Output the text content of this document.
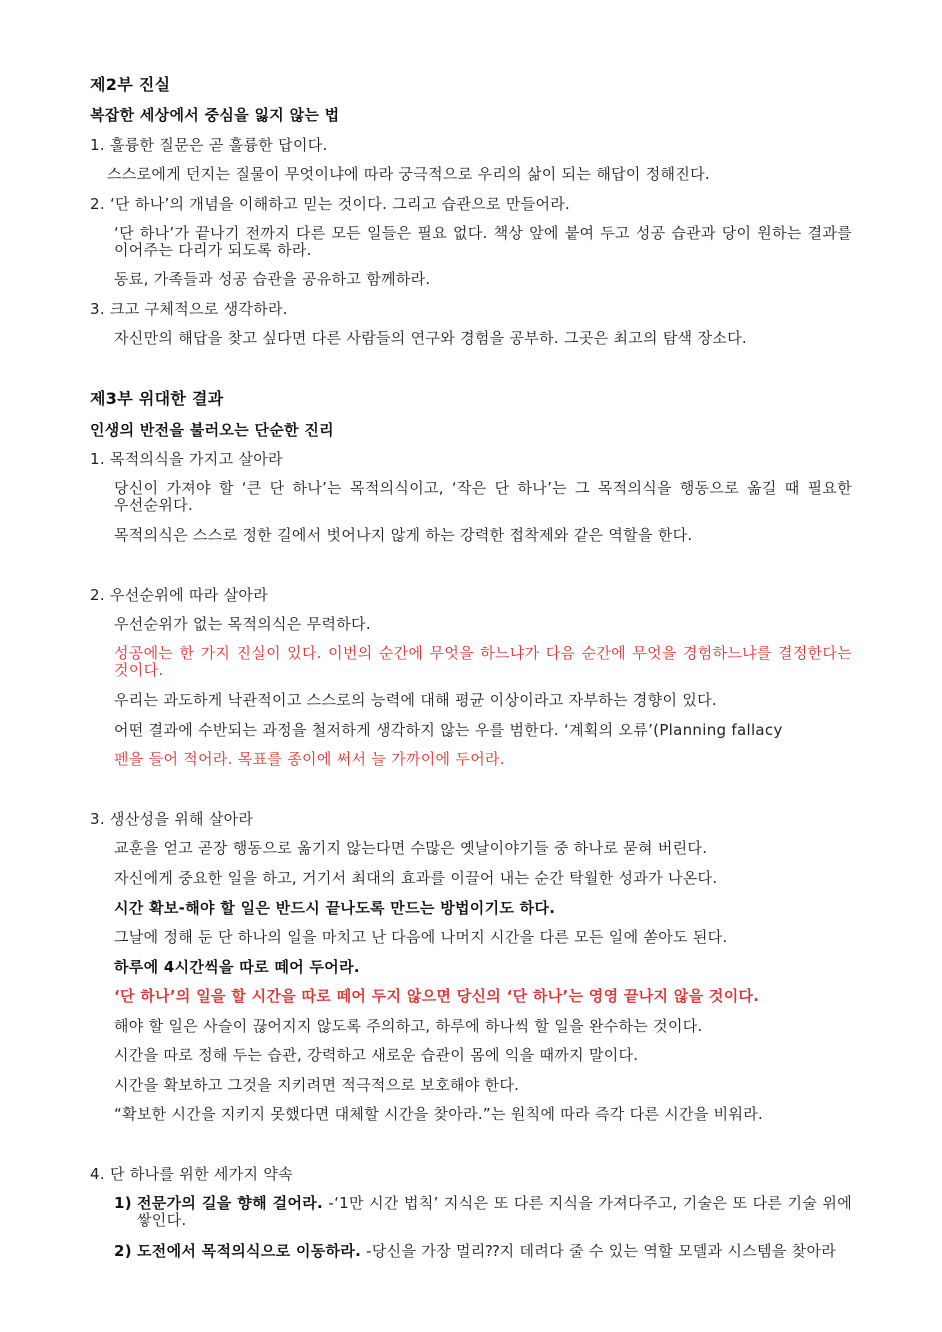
제2부 진실
복잡한 세상에서 중심을 잃지 않는 법
1. 훌륭한 질문은 곧 훌륭한 답이다.
스스로에게 던지는 질물이 무엇이냐에 따라 궁극적으로 우리의 삶이 되는 해답이 정해진다.
2. ‘단 하나’의 개념을 이해하고 믿는 것이다. 그리고 습관으로 만들어라.
‘단 하나’가 끝나기 전까지 다른 모든 일들은 필요 없다. 책상 앞에 붙여 두고 성공 습관과 당이 원하는 결과를 이어주는 다리가 되도록 하라.
동료, 가족들과 성공 습관을 공유하고 함께하라.
3. 크고 구체적으로 생각하라.
자신만의 해답을 찾고 싶다면 다른 사람들의 연구와 경험을 공부하. 그곳은 최고의 탐색 장소다.
제3부 위대한 결과
인생의 반전을 불러오는 단순한 진리
1. 목적의식을 가지고 살아라
당신이 가져야 할 ‘큰 단 하나’는 목적의식이고, ‘작은 단 하나’는 그 목적의식을 행동으로 옮길 때 필요한 우선순위다.
목적의식은 스스로 정한 길에서 벗어나지 않게 하는 강력한 접착제와 같은 역할을 한다.
2. 우선순위에 따라 살아라
우선순위가 없는 목적의식은 무력하다.
성공에는 한 가지 진실이 있다. 이번의 순간에 무엇을 하느냐가 다음 순간에 무엇을 경험하느냐를 결정한다는 것이다.
우리는 과도하게 낙관적이고 스스로의 능력에 대해 평균 이상이라고 자부하는 경향이 있다.
어떤 결과에 수반되는 과정을 철저하게 생각하지 않는 우를 범한다. ‘계획의 오류’(Planning fallacy
펜을 들어 적어라. 목표를 종이에 써서 늘 가까이에 두어라.
3. 생산성을 위해 살아라
교훈을 얻고 곧장 행동으로 옮기지 않는다면 수많은 옛날이야기들 중 하나로 묻혀 버린다.
자신에게 중요한 일을 하고, 거기서 최대의 효과를 이끌어 내는 순간 탁월한 성과가 나온다.
시간 확보-해야 할 일은 반드시 끝나도록 만드는 방법이기도 하다.
그날에 정해 둔 단 하나의 일을 마치고 난 다음에 나머지 시간을 다른 모든 일에 쏟아도 된다.
하루에 4시간씩을 따로 떼어 두어라.
‘단 하나’의 일을 할 시간을 따로 떼어 두지 않으면 당신의 ‘단 하나’는 영영 끝나지 않을 것이다.
해야 할 일은 사슬이 끊어지지 않도록 주의하고, 하루에 하나씩 할 일을 완수하는 것이다.
시간을 따로 정해 두는 습관, 강력하고 새로운 습관이 몸에 익을 때까지 말이다.
시간을 확보하고 그것을 지키려면 적극적으로 보호해야 한다.
“확보한 시간을 지키지 못했다면 대체할 시간을 찾아라.”는 원칙에 따라 즉각 다른 시간을 비워라.
4. 단 하나를 위한 세가지 약속
1) 전문가의 길을 향해 걸어라. -‘1만 시간 법칙’ 지식은 또 다른 지식을 가져다주고, 기술은 또 다른 기술 위에 쌓인다.
2) 도전에서 목적의식으로 이동하라. -당신을 가장 멀리⁇지 데려다 줄 수 있는 역할 모델과 시스템을 찾아라
